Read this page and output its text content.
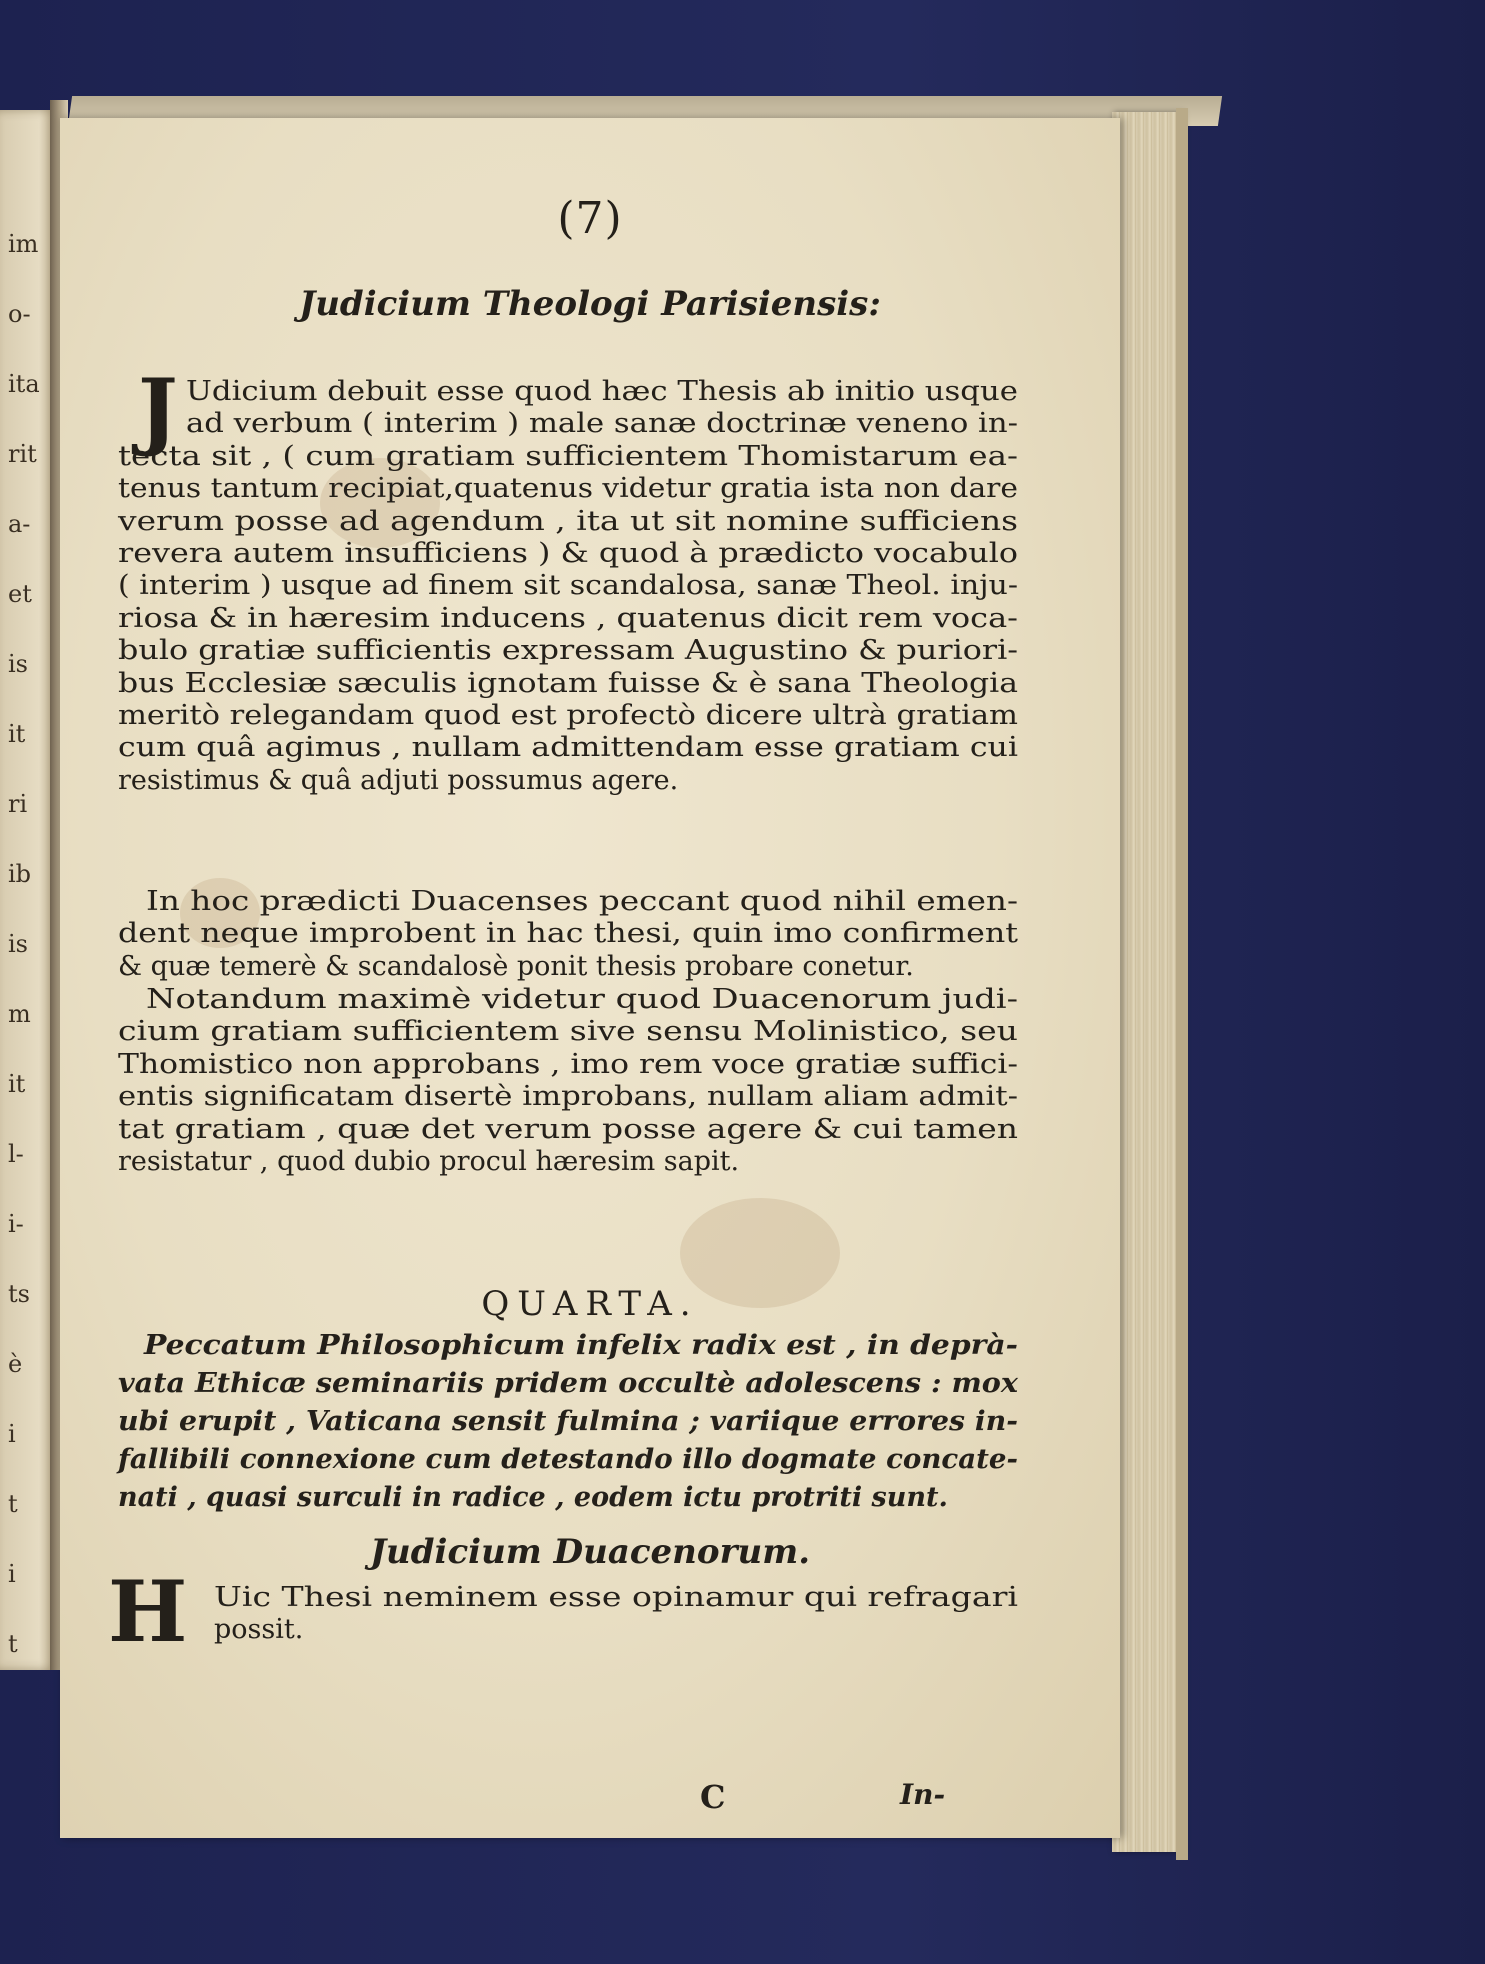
im
o-
ita
rit
a-
et
is
it
ri
ib
is
m
it
l-
i-
ts
è
i
t
i
t
(7)
Judicium Theologi Parisiensis:
J Udicium debuit esse quod hæc Thesis ab initio usque
ad verbum ( interim ) male sanæ doctrinæ veneno in-
tecta sit , ( cum gratiam sufficientem Thomistarum ea-
tenus tantum recipiat,quatenus videtur gratia ista non dare
verum posse ad agendum , ita ut sit nomine sufficiens
revera autem insufficiens ) & quod à prædicto vocabulo
( interim ) usque ad finem sit scandalosa, sanæ Theol. inju-
riosa & in hæresim inducens , quatenus dicit rem voca-
bulo gratiæ sufficientis expressam Augustino & puriori-
bus Ecclesiæ sæculis ignotam fuisse & è sana Theologia
meritò relegandam quod est profectò dicere ultrà gratiam
cum quâ agimus , nullam admittendam esse gratiam cui
resistimus & quâ adjuti possumus agere.
In hoc prædicti Duacenses peccant quod nihil emen-
dent neque improbent in hac thesi, quin imo confirment
& quæ temerè & scandalosè ponit thesis probare conetur.
Notandum maximè videtur quod Duacenorum judi-
cium gratiam sufficientem sive sensu Molinistico, seu
Thomistico non approbans , imo rem voce gratiæ suffici-
entis significatam disertè improbans, nullam aliam admit-
tat gratiam , quæ det verum posse agere & cui tamen
resistatur , quod dubio procul hæresim sapit.
QUARTA.
Peccatum Philosophicum infelix radix est , in deprà-
vata Ethicæ seminariis pridem occultè adolescens : mox
ubi erupit , Vaticana sensit fulmina ; variique errores in-
fallibili connexione cum detestando illo dogmate concate-
nati , quasi surculi in radice , eodem ictu protriti sunt.
Judicium Duacenorum.
H Uic Thesi neminem esse opinamur qui refragari
possit.
C	In-
